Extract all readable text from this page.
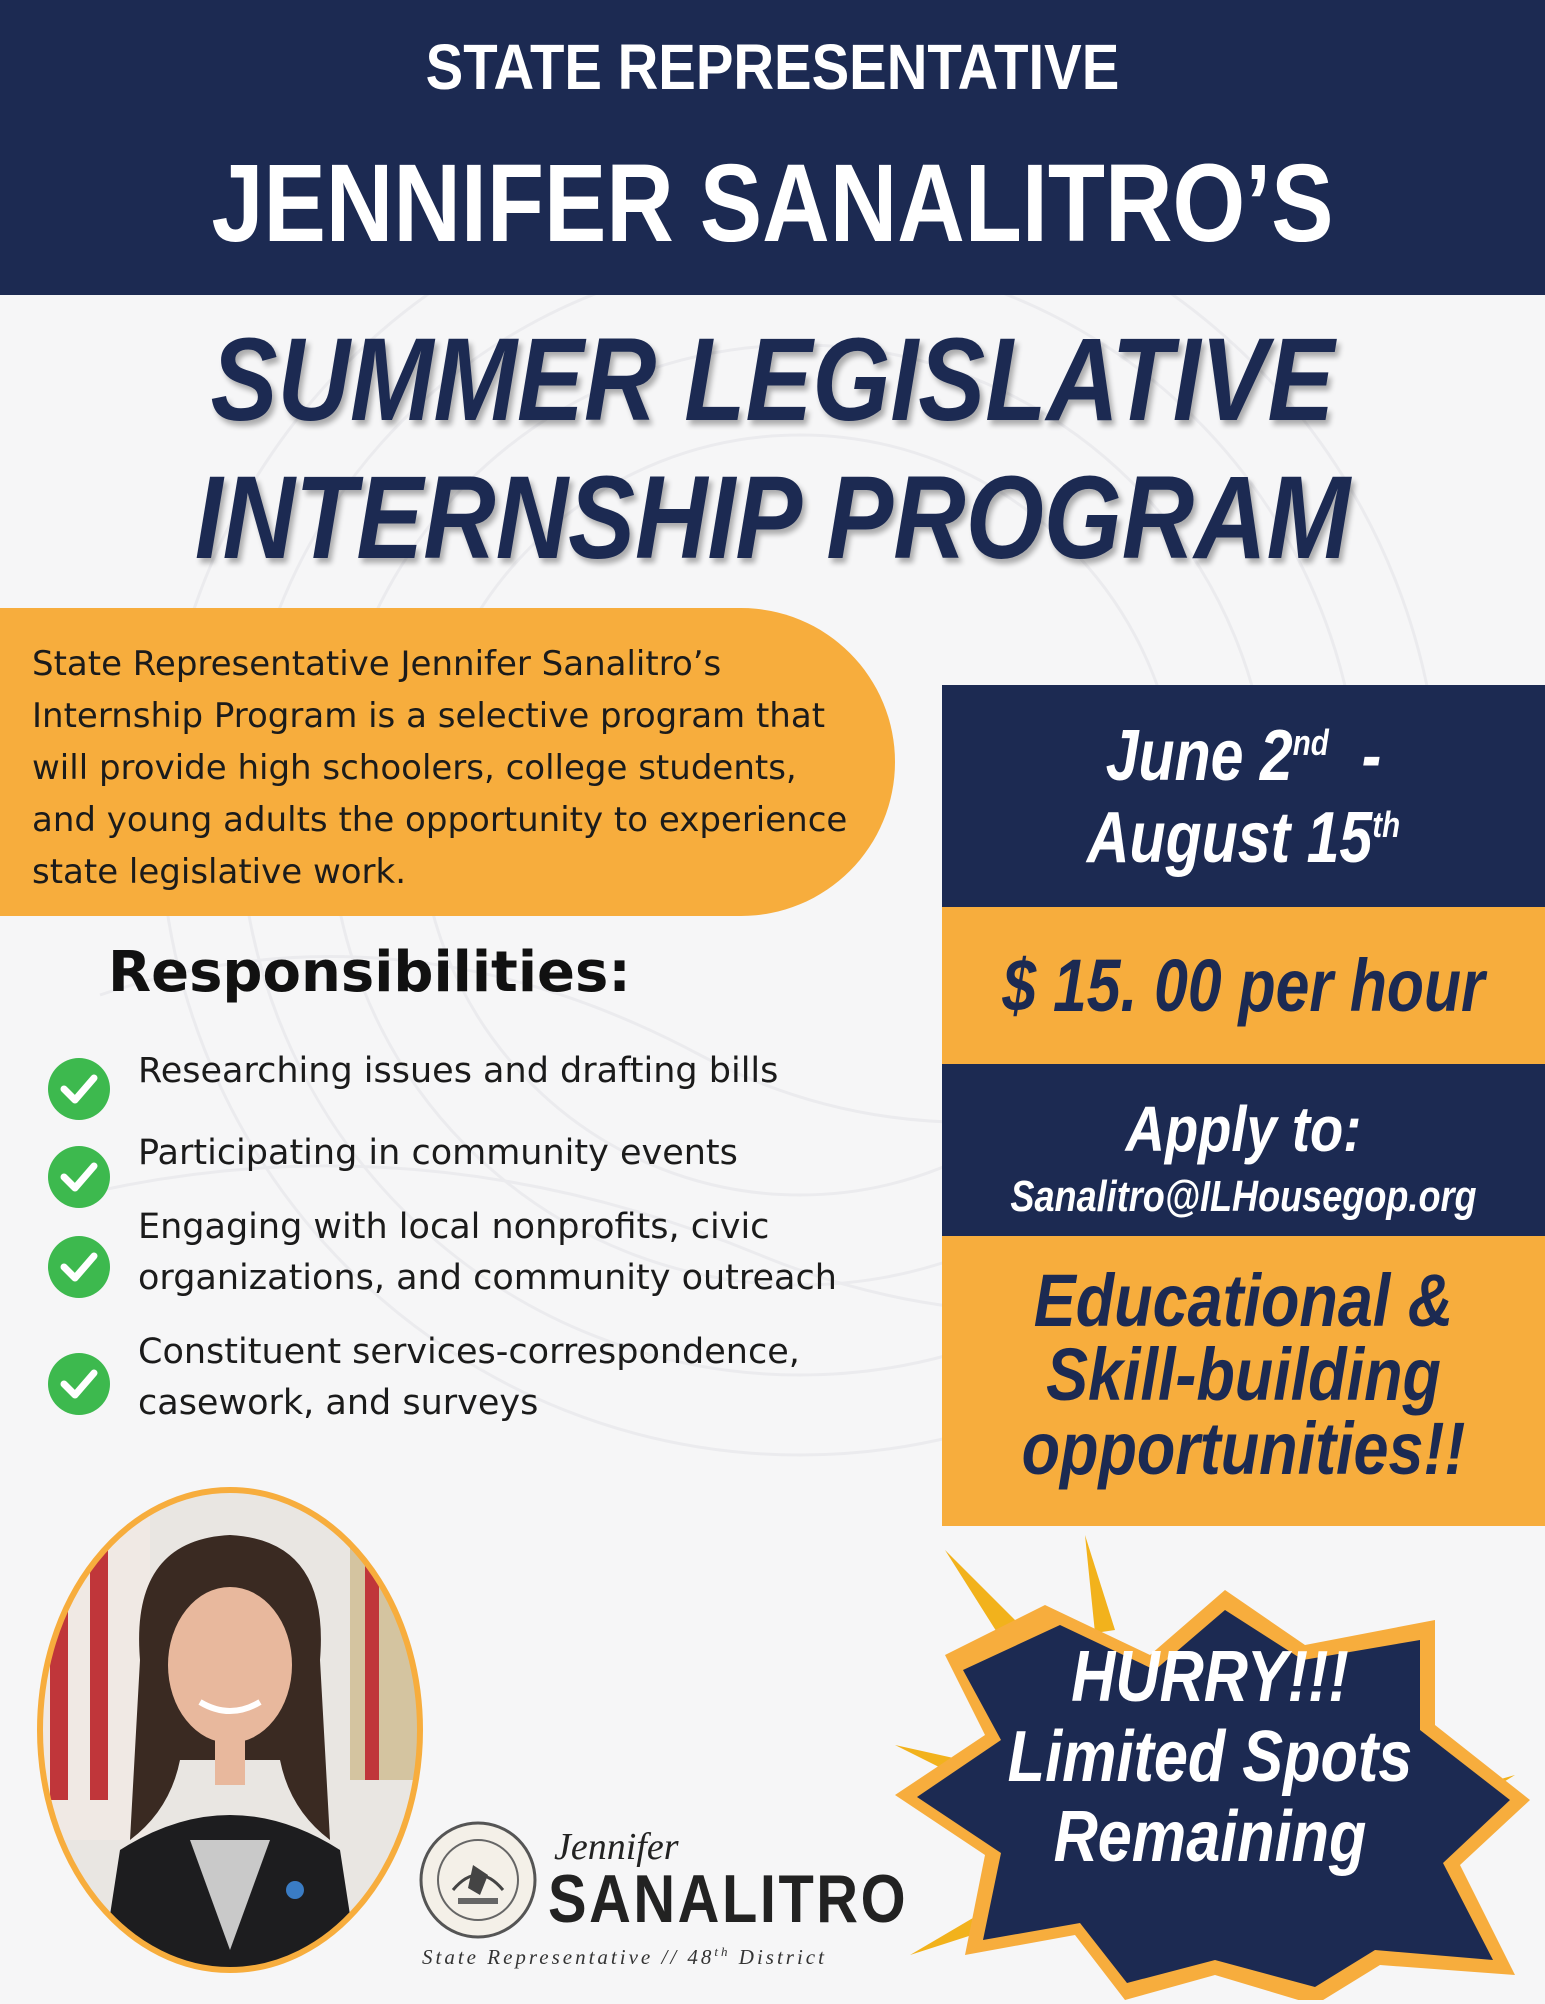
STATE REPRESENTATIVE
JENNIFER SANALITRO’S
SUMMER LEGISLATIVE
INTERNSHIP PROGRAM
State Representative Jennifer Sanalitro’s Internship Program is a selective program that will provide high schoolers, college students, and young adults the opportunity to experience state legislative work.
Responsibilities:
Researching issues and drafting bills
Participating in community events
Engaging with local nonprofits, civic organizations, and community outreach
Constituent services-correspondence, casework, and surveys
June 2nd -
August 15th
$ 15. 00 per hour
Apply to:
Sanalitro@ILHousegop.org
Educational &
Skill-building
opportunities!!
HURRY!!!
Limited Spots
Remaining
Jennifer
SANALITRO
State Representative // 48th District
